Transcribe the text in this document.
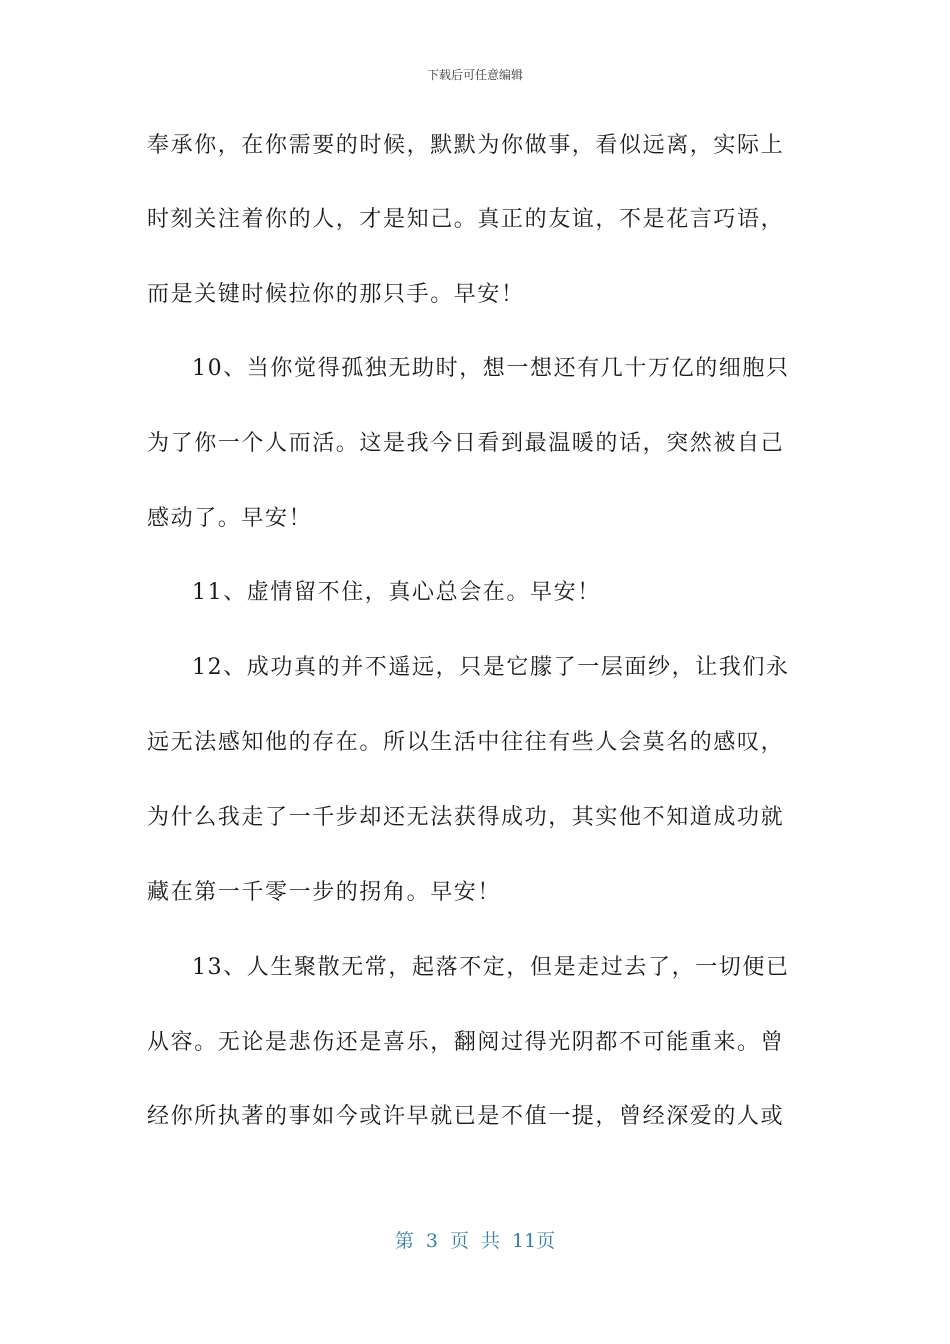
下载后可任意编辑
奉承你，在你需要的时候，默默为你做事，看似远离，实际上
时刻关注着你的人，才是知己。真正的友谊，不是花言巧语，
而是关键时候拉你的那只手。早安！
10、当你觉得孤独无助时，想一想还有几十万亿的细胞只
为了你一个人而活。这是我今日看到最温暖的话，突然被自己
感动了。早安！
11、虚情留不住，真心总会在。早安！
12、成功真的并不遥远，只是它朦了一层面纱，让我们永
远无法感知他的存在。所以生活中往往有些人会莫名的感叹，
为什么我走了一千步却还无法获得成功，其实他不知道成功就
藏在第一千零一步的拐角。早安！
13、人生聚散无常，起落不定，但是走过去了，一切便已
从容。无论是悲伤还是喜乐，翻阅过得光阴都不可能重来。曾
经你所执著的事如今或许早就已是不值一提，曾经深爱的人或
第 3 页 共 11页
